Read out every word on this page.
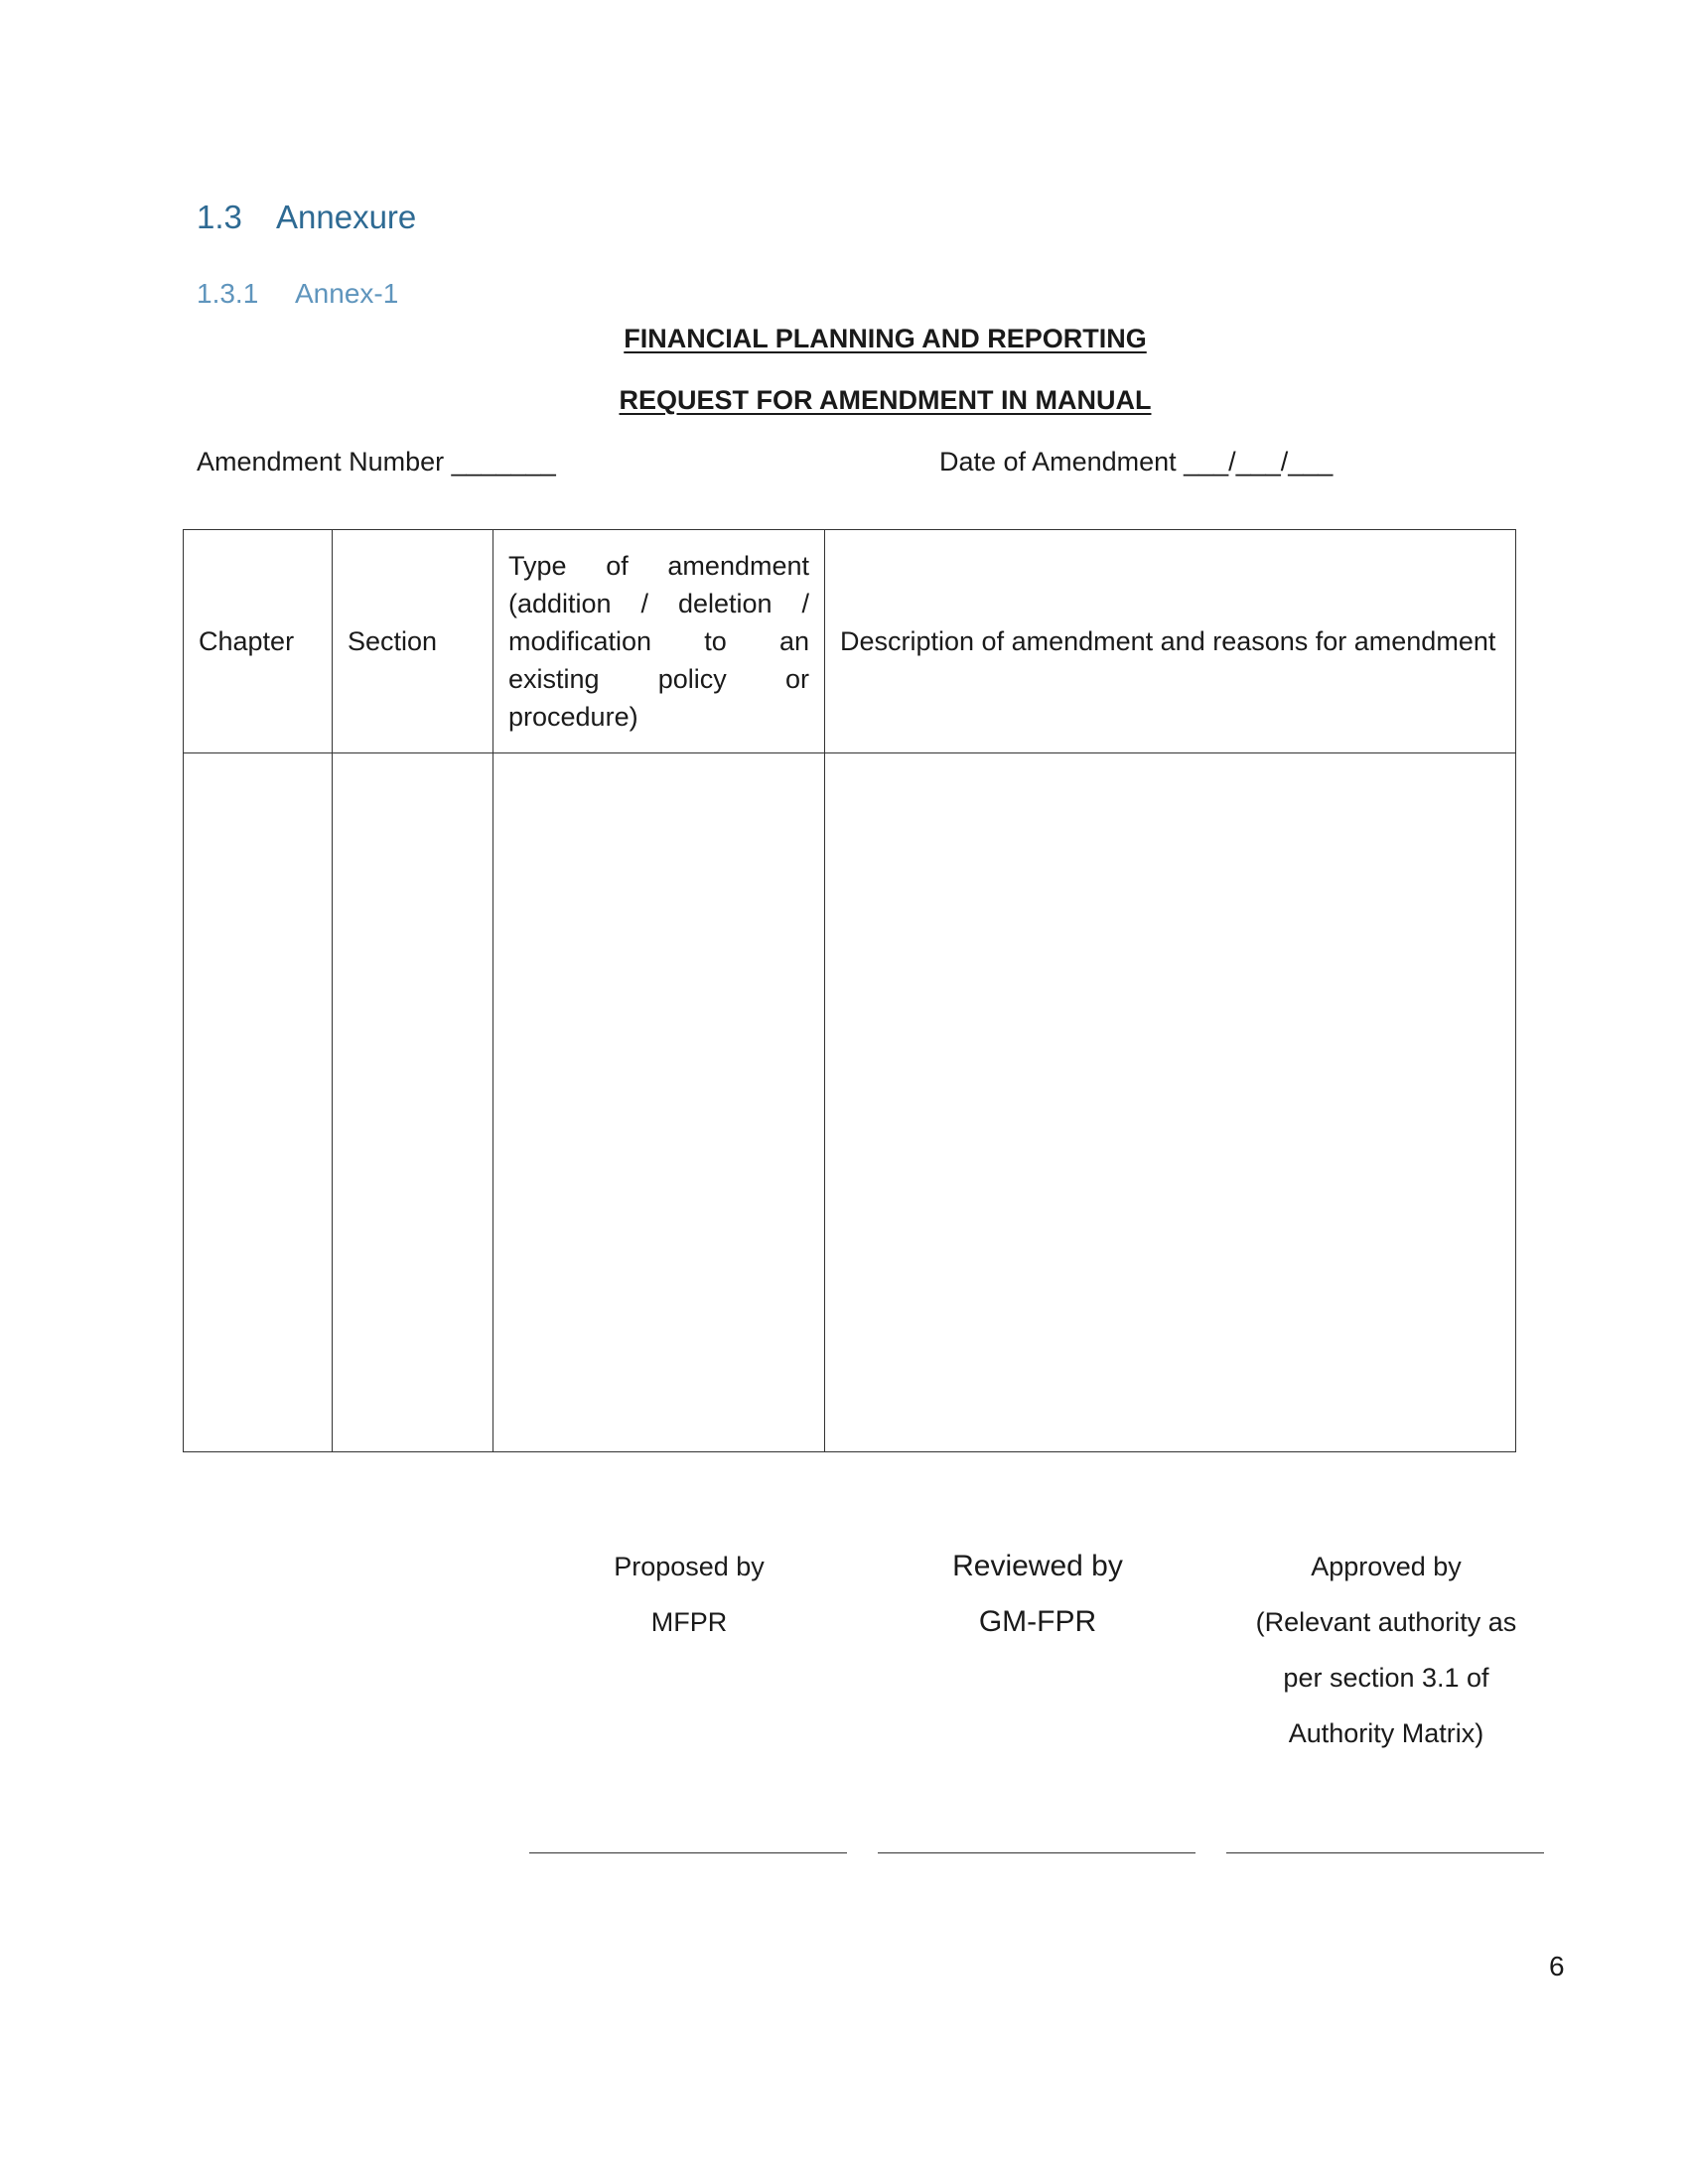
1.3 Annexure
1.3.1 Annex-1
FINANCIAL PLANNING AND REPORTING
REQUEST FOR AMENDMENT IN MANUAL
Amendment Number _______	Date of Amendment ___/___/___
Chapter	Section	Type of amendment (addition / deletion / modification to an existing policy or procedure)	Description of amendment and reasons for amendment

Proposed by
MFPR
Reviewed by
GM-FPR
Approved by
(Relevant authority as
per section 3.1 of
Authority Matrix)
6
